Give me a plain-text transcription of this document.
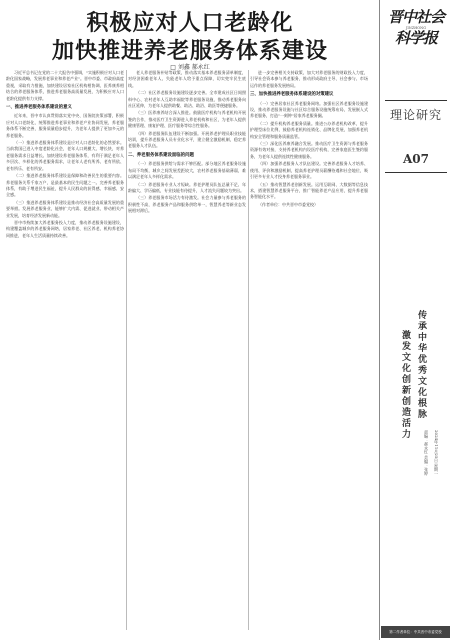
积极应对人口老龄化
加快推进养老服务体系建设
□ 刘鑫 郝永红

习近平总书记在党的二十大报告中强调，"实施积极应对人口老龄化国家战略，发展养老事业和养老产业"。晋中市委、市政府高度重视，采取有力措施，加快建设居家社区机构相协调、医养康养相结合的养老服务体系，推进养老服务高质量发展，为积极应对人口老龄化提供有力支撑。

一、推进养老服务体系建设的意义

近年来，晋中市认真贯彻落实党中央、国务院决策部署，积极应对人口老龄化，统筹推进养老事业和养老产业协同发展，养老服务体系不断完善，服务质量稳步提升，为老年人提供了更加多元的养老服务。

（一）推进养老服务体系建设是应对人口老龄化的必然要求。当前我国已进入中度老龄化社会，老年人口规模大、增长快，对养老服务需求日益增长。加快建设养老服务体系，有利于满足老年人多层次、多样化的养老服务需求，让老年人老有所养、老有所依、老有所乐、老有所安。

（二）推进养老服务体系建设是保障和改善民生的重要内容。养老服务关系千家万户，是最基本的民生问题之一。完善养老服务体系，有助于增进民生福祉，提升人民群众的获得感、幸福感、安全感。

（三）推进养老服务体系建设是推动经济社会高质量发展的重要举措。发展养老服务业，能够扩大内需、促进就业、带动相关产业发展，培育经济发展新动能。

晋中市持续加大养老服务投入力度，推动养老服务设施建设，构建覆盖城乡的养老服务网络，居家养老、社区养老、机构养老协同推进，老年人生活质量持续改善。

老人养老服务补贴等政策，推动落实基本养老服务清单制度，对经济困难老年人、失能老年人给予重点保障，切实兜牢民生底线。

（二）社区养老服务设施建设逐步完善。全市建成社区日间照料中心、农村老年人互助幸福院等养老服务设施，推动养老服务向社区延伸，为老年人提供助餐、助洁、助浴、助医等便捷服务。

（三）医养康养结合深入推进。鼓励医疗机构与养老机构开展签约合作，推动医疗卫生资源进入养老机构和社区，为老年人提供健康管理、康复护理、医疗服务等综合性服务。

（四）养老服务队伍建设不断加强。开展养老护理员职业技能培训，提升养老服务人员专业化水平，建立健全激励机制，稳定养老服务人才队伍。

二、养老服务体系建设面临的问题

（一）养老服务供给与需求不够匹配。部分地区养老服务设施布局不均衡，城乡之间发展差距较大，农村养老服务基础薄弱，难以满足老年人多样化需求。

（二）养老服务专业人才短缺。养老护理员队伍总量不足、年龄偏大、学历偏低，专业技能有待提升，人才流失问题较为突出。

（三）养老服务市场活力有待激发。社会力量参与养老服务的积极性不高，养老服务产品和服务供给单一，智慧养老等新业态发展相对滞后。

进一步完善相关支持政策，加大对养老服务的财政投入力度，引导社会资本参与养老服务，推动形成政府主导、社会参与、市场运作的养老服务发展格局。

三、加快推进养老服务体系建设的对策建议

（一）完善居家社区养老服务网络。加强社区养老服务设施建设，推动养老服务设施与社区综合服务设施统筹布局，发展嵌入式养老服务，打造"一刻钟"居家养老服务圈。

（二）提升机构养老服务质量。推进公办养老机构改革，提升护理型床位比例，鼓励养老机构连锁化、品牌化发展，加强养老机构安全管理和服务质量监管。

（三）深化医养康养融合发展。推动医疗卫生资源与养老服务资源有效对接，支持养老机构内设医疗机构，完善家庭医生签约服务，为老年人提供连续性健康服务。

（四）加强养老服务人才队伍建设。完善养老服务人才培养、使用、评价和激励机制，提高养老护理员薪酬待遇和社会地位，吸引更多专业人才投身养老服务事业。

（五）推动智慧养老创新发展。运用互联网、大数据等信息技术，搭建智慧养老服务平台，推广智能养老产品应用，提升养老服务智能化水平。

（作者单位：中共晋中市委党校）

晋中社会科学报
JINZHONG
理论研究
A07
传承中华优秀文化根脉
激发文化创新创造活力
2024年11月25日 星期一
责编：郝永红 美编：张婷
第二作者单位：中共晋中市委党校
